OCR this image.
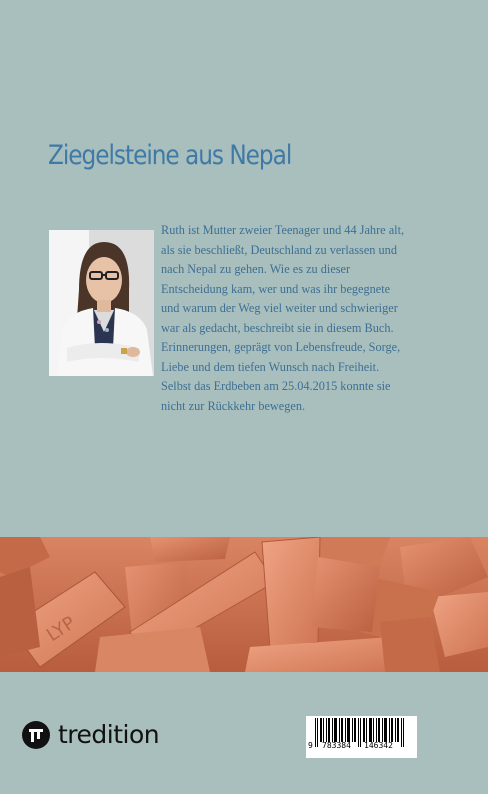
Ziegelsteine aus Nepal
Ruth ist Mutter zweier Teenager und 44 Jahre alt,
als sie beschließt, Deutschland zu verlassen und
nach Nepal zu gehen. Wie es zu dieser
Entscheidung kam, wer und was ihr begegnete
und warum der Weg viel weiter und schwieriger
war als gedacht, beschreibt sie in diesem Buch.
Erinnerungen, geprägt von Lebensfreude, Sorge,
Liebe und dem tiefen Wunsch nach Freiheit.
Selbst das Erdbeben am 25.04.2015 konnte sie
nicht zur Rückkehr bewegen.
LYP
tredition	9 783384 146342
